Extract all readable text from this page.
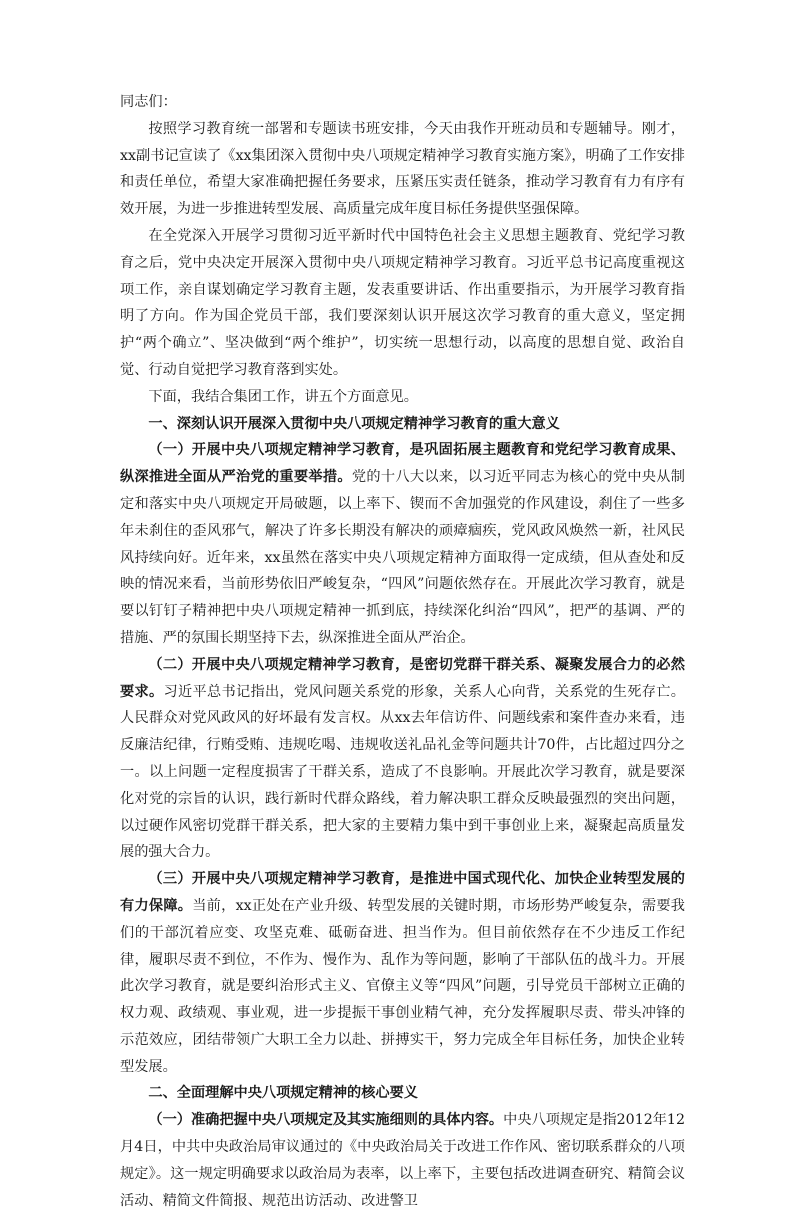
同志们：

按照学习教育统一部署和专题读书班安排，今天由我作开班动员和专题辅导。刚才，xx副书记宣读了《xx集团深入贯彻中央八项规定精神学习教育实施方案》，明确了工作安排和责任单位，希望大家准确把握任务要求，压紧压实责任链条，推动学习教育有力有序有效开展，为进一步推进转型发展、高质量完成年度目标任务提供坚强保障。

在全党深入开展学习贯彻习近平新时代中国特色社会主义思想主题教育、党纪学习教育之后，党中央决定开展深入贯彻中央八项规定精神学习教育。习近平总书记高度重视这项工作，亲自谋划确定学习教育主题，发表重要讲话、作出重要指示，为开展学习教育指明了方向。作为国企党员干部，我们要深刻认识开展这次学习教育的重大意义，坚定拥护“两个确立”、坚决做到“两个维护”，切实统一思想行动，以高度的思想自觉、政治自觉、行动自觉把学习教育落到实处。

下面，我结合集团工作，讲五个方面意见。

一、深刻认识开展深入贯彻中央八项规定精神学习教育的重大意义

（一）开展中央八项规定精神学习教育，是巩固拓展主题教育和党纪学习教育成果、纵深推进全面从严治党的重要举措。党的十八大以来，以习近平同志为核心的党中央从制定和落实中央八项规定开局破题，以上率下、锲而不舍加强党的作风建设，刹住了一些多年未刹住的歪风邪气，解决了许多长期没有解决的顽瘴痼疾，党风政风焕然一新，社风民风持续向好。近年来，xx虽然在落实中央八项规定精神方面取得一定成绩，但从查处和反映的情况来看，当前形势依旧严峻复杂，“四风”问题依然存在。开展此次学习教育，就是要以钉钉子精神把中央八项规定精神一抓到底，持续深化纠治“四风”，把严的基调、严的措施、严的氛围长期坚持下去，纵深推进全面从严治企。

（二）开展中央八项规定精神学习教育，是密切党群干群关系、凝聚发展合力的必然要求。习近平总书记指出，党风问题关系党的形象，关系人心向背，关系党的生死存亡。人民群众对党风政风的好坏最有发言权。从xx去年信访件、问题线索和案件查办来看，违反廉洁纪律，行贿受贿、违规吃喝、违规收送礼品礼金等问题共计70件，占比超过四分之一。以上问题一定程度损害了干群关系，造成了不良影响。开展此次学习教育，就是要深化对党的宗旨的认识，践行新时代群众路线，着力解决职工群众反映最强烈的突出问题，以过硬作风密切党群干群关系，把大家的主要精力集中到干事创业上来，凝聚起高质量发展的强大合力。

（三）开展中央八项规定精神学习教育，是推进中国式现代化、加快企业转型发展的有力保障。当前，xx正处在产业升级、转型发展的关键时期，市场形势严峻复杂，需要我们的干部沉着应变、攻坚克难、砥砺奋进、担当作为。但目前依然存在不少违反工作纪律，履职尽责不到位，不作为、慢作为、乱作为等问题，影响了干部队伍的战斗力。开展此次学习教育，就是要纠治形式主义、官僚主义等“四风”问题，引导党员干部树立正确的权力观、政绩观、事业观，进一步提振干事创业精气神，充分发挥履职尽责、带头冲锋的示范效应，团结带领广大职工全力以赴、拼搏实干，努力完成全年目标任务，加快企业转型发展。

二、全面理解中央八项规定精神的核心要义

（一）准确把握中央八项规定及其实施细则的具体内容。中央八项规定是指2012年12月4日，中共中央政治局审议通过的《中央政治局关于改进工作作风、密切联系群众的八项规定》。这一规定明确要求以政治局为表率，以上率下，主要包括改进调查研究、精简会议活动、精简文件简报、规范出访活动、改进警卫
